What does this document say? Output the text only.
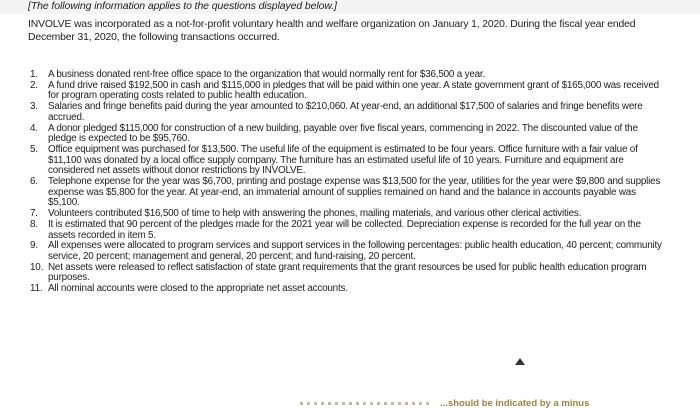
[The following information applies to the questions displayed below.]
INVOLVE was incorporated as a not-for-profit voluntary health and welfare organization on January 1, 2020. During the fiscal year ended December 31, 2020, the following transactions occurred.
1. A business donated rent-free office space to the organization that would normally rent for $36,500 a year.
2. A fund drive raised $192,500 in cash and $115,000 in pledges that will be paid within one year. A state government grant of $165,000 was received for program operating costs related to public health education.
3. Salaries and fringe benefits paid during the year amounted to $210,060. At year-end, an additional $17,500 of salaries and fringe benefits were accrued.
4. A donor pledged $115,000 for construction of a new building, payable over five fiscal years, commencing in 2022. The discounted value of the pledge is expected to be $95,760.
5. Office equipment was purchased for $13,500. The useful life of the equipment is estimated to be four years. Office furniture with a fair value of $11,100 was donated by a local office supply company. The furniture has an estimated useful life of 10 years. Furniture and equipment are considered net assets without donor restrictions by INVOLVE.
6. Telephone expense for the year was $6,700, printing and postage expense was $13,500 for the year, utilities for the year were $9,800 and supplies expense was $5,800 for the year. At year-end, an immaterial amount of supplies remained on hand and the balance in accounts payable was $5,100.
7. Volunteers contributed $16,500 of time to help with answering the phones, mailing materials, and various other clerical activities.
8. It is estimated that 90 percent of the pledges made for the 2021 year will be collected. Depreciation expense is recorded for the full year on the assets recorded in item 5.
9. All expenses were allocated to program services and support services in the following percentages: public health education, 40 percent; community service, 20 percent; management and general, 20 percent; and fund-raising, 20 percent.
10. Net assets were released to reflect satisfaction of state grant requirements that the grant resources be used for public health education program purposes.
11. All nominal accounts were closed to the appropriate net asset accounts.
...should be indicated by a minus
